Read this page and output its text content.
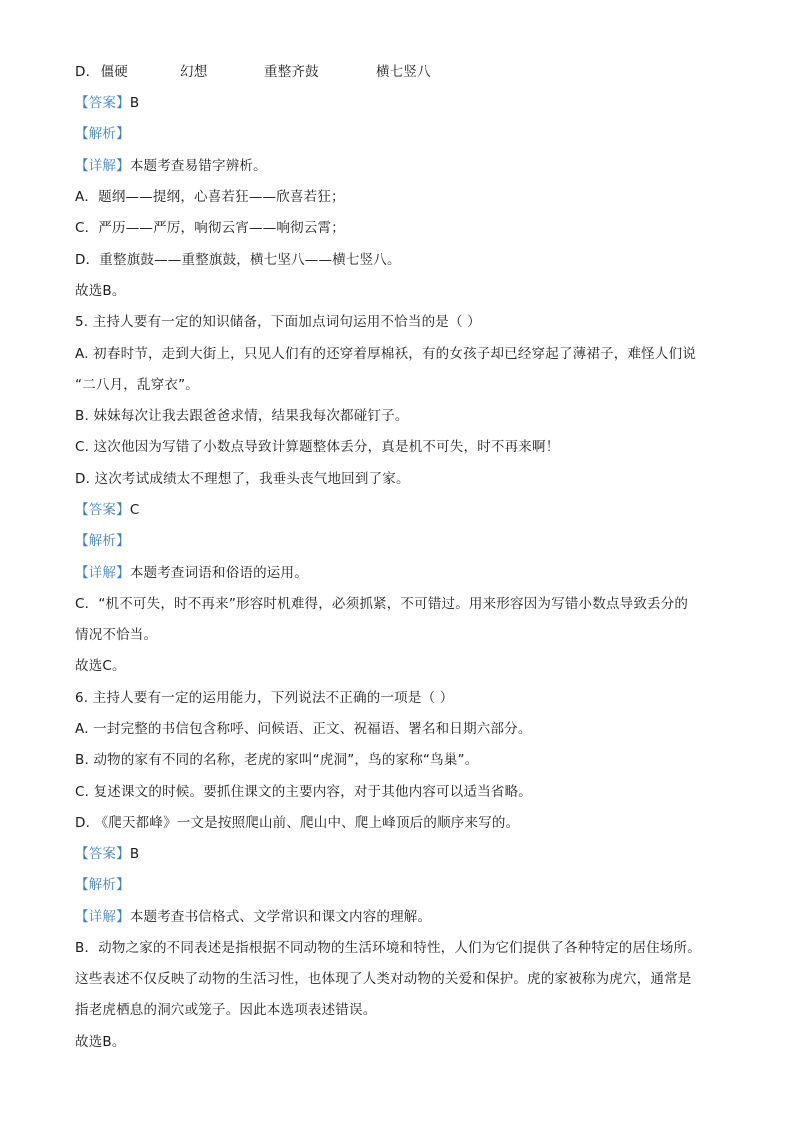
D. 僵硬	幻想	重整齐鼓	横七竖八
【答案】B
【解析】
【详解】本题考查易错字辨析。
A．题纲——提纲，心喜若狂——欣喜若狂；
C．严历——严厉，响彻云宵——响彻云霄；
D．重整旗鼓——重整旗鼓，横七坚八——横七竖八。
故选B。
5. 主持人要有一定的知识储备，下面加点词句运用不恰当的是（ ）
A. 初春时节，走到大街上，只见人们有的还穿着厚棉袄，有的女孩子却已经穿起了薄裙子，难怪人们说
“二八月，乱穿衣”。
B. 妹妹每次让我去跟爸爸求情，结果我每次都碰钉子。
C. 这次他因为写错了小数点导致计算题整体丢分，真是机不可失，时不再来啊！
D. 这次考试成绩太不理想了，我垂头丧气地回到了家。
【答案】C
【解析】
【详解】本题考查词语和俗语的运用。
C．“机不可失，时不再来”形容时机难得，必须抓紧，不可错过。用来形容因为写错小数点导致丢分的
情况不恰当。
故选C。
6. 主持人要有一定的运用能力，下列说法不正确的一项是（ ）
A. 一封完整的书信包含称呼、问候语、正文、祝福语、署名和日期六部分。
B. 动物的家有不同的名称，老虎的家叫“虎洞”，鸟的家称“鸟巢”。
C. 复述课文的时候。要抓住课文的主要内容，对于其他内容可以适当省略。
D. 《爬天都峰》一文是按照爬山前、爬山中、爬上峰顶后的顺序来写的。
【答案】B
【解析】
【详解】本题考查书信格式、文学常识和课文内容的理解。
B．动物之家的不同表述是指根据不同动物的生活环境和特性，人们为它们提供了各种特定的居住场所。
这些表述不仅反映了动物的生活习性，也体现了人类对动物的关爱和保护。虎的家被称为虎穴，通常是
指老虎栖息的洞穴或笼子。因此本选项表述错误。
故选B。
